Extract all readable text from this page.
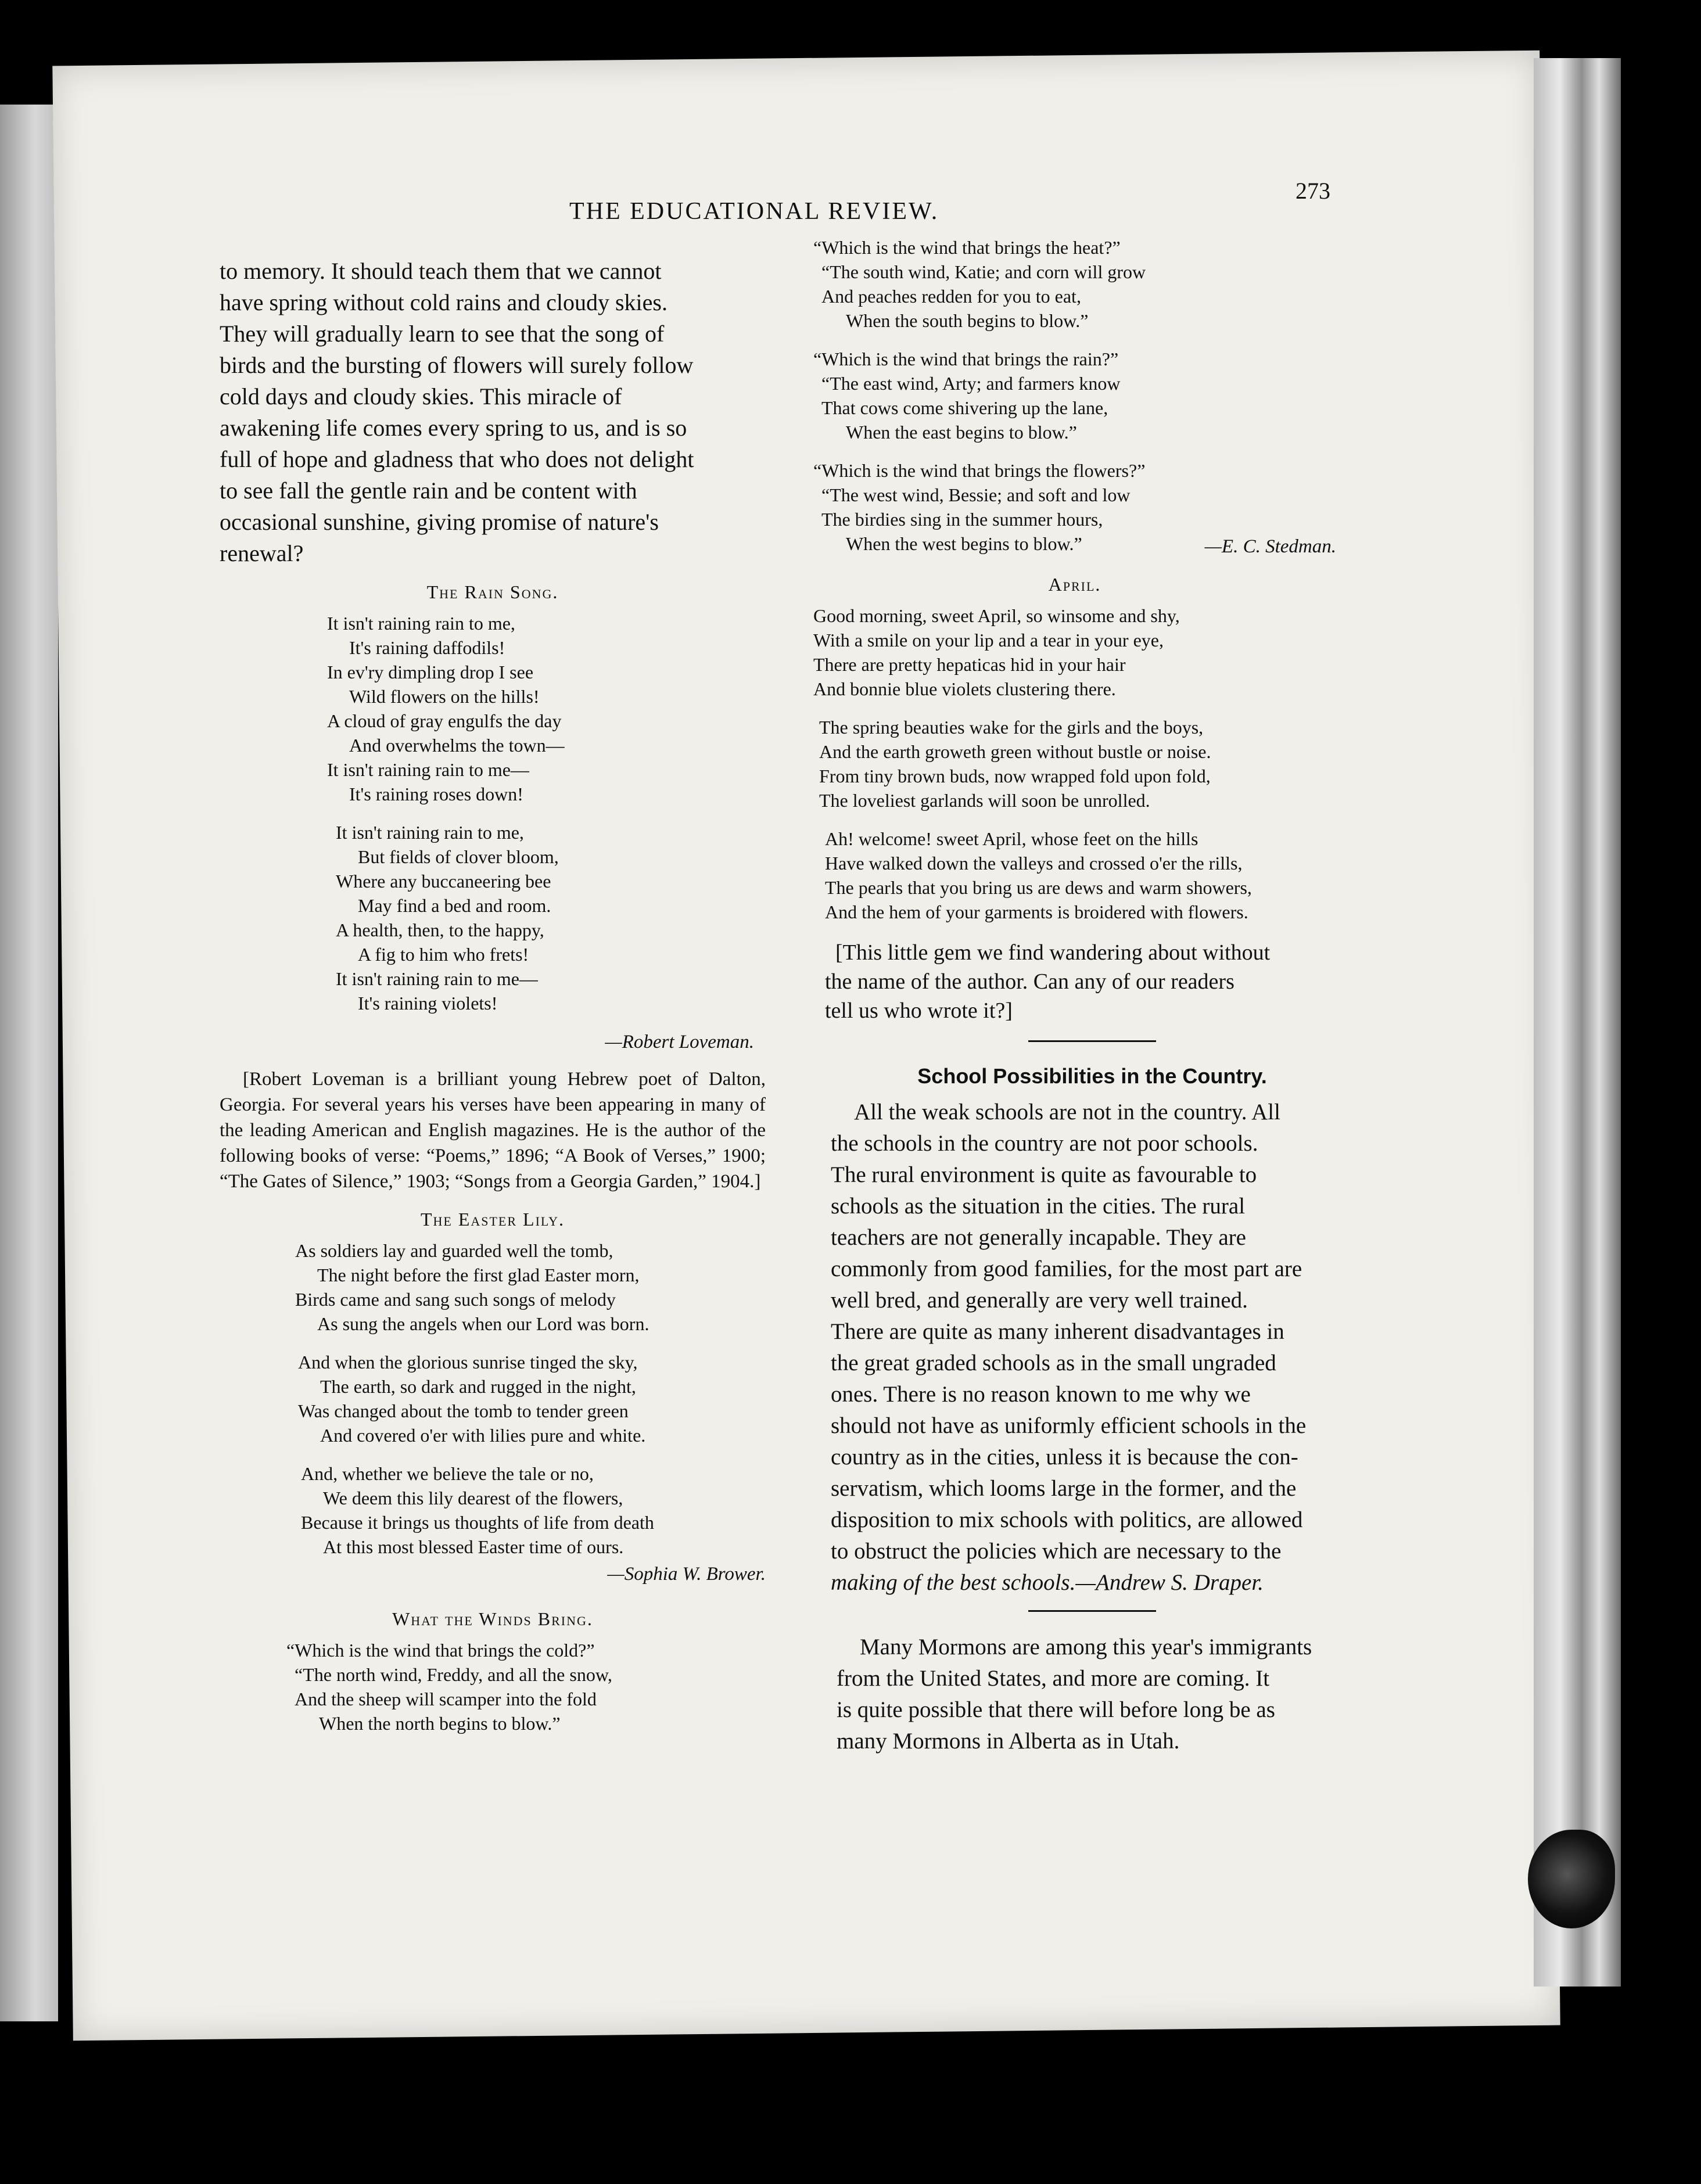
THE EDUCATIONAL REVIEW.
273
to memory. It should teach them that we cannot
have spring without cold rains and cloudy skies.
They will gradually learn to see that the song of
birds and the bursting of flowers will surely follow
cold days and cloudy skies. This miracle of
awakening life comes every spring to us, and is so
full of hope and gladness that who does not delight
to see fall the gentle rain and be content with
occasional sunshine, giving promise of nature's
renewal?
The Rain Song.
It isn't raining rain to me,
It's raining daffodils!
In ev'ry dimpling drop I see
Wild flowers on the hills!
A cloud of gray engulfs the day
And overwhelms the town—
It isn't raining rain to me—
It's raining roses down!
It isn't raining rain to me,
But fields of clover bloom,
Where any buccaneering bee
May find a bed and room.
A health, then, to the happy,
A fig to him who frets!
It isn't raining rain to me—
It's raining violets!
—Robert Loveman.
[Robert Loveman is a brilliant young Hebrew poet of Dalton, Georgia. For several years his verses have been appearing in many of the leading American and English magazines. He is the author of the following books of verse: “Poems,” 1896; “A Book of Verses,” 1900; “The Gates of Silence,” 1903; “Songs from a Georgia Garden,” 1904.]
The Easter Lily.
As soldiers lay and guarded well the tomb,
The night before the first glad Easter morn,
Birds came and sang such songs of melody
As sung the angels when our Lord was born.
And when the glorious sunrise tinged the sky,
The earth, so dark and rugged in the night,
Was changed about the tomb to tender green
And covered o'er with lilies pure and white.
And, whether we believe the tale or no,
We deem this lily dearest of the flowers,
Because it brings us thoughts of life from death
At this most blessed Easter time of ours.
—Sophia W. Brower.
What the Winds Bring.
“Which is the wind that brings the cold?”
“The north wind, Freddy, and all the snow,
And the sheep will scamper into the fold
When the north begins to blow.”
“Which is the wind that brings the heat?”
“The south wind, Katie; and corn will grow
And peaches redden for you to eat,
When the south begins to blow.”
“Which is the wind that brings the rain?”
“The east wind, Arty; and farmers know
That cows come shivering up the lane,
When the east begins to blow.”
“Which is the wind that brings the flowers?”
“The west wind, Bessie; and soft and low
The birdies sing in the summer hours,
When the west begins to blow.”	—E. C. Stedman.
April.
Good morning, sweet April, so winsome and shy,
With a smile on your lip and a tear in your eye,
There are pretty hepaticas hid in your hair
And bonnie blue violets clustering there.
The spring beauties wake for the girls and the boys,
And the earth groweth green without bustle or noise.
From tiny brown buds, now wrapped fold upon fold,
The loveliest garlands will soon be unrolled.
Ah! welcome! sweet April, whose feet on the hills
Have walked down the valleys and crossed o'er the rills,
The pearls that you bring us are dews and warm showers,
And the hem of your garments is broidered with flowers.
[This little gem we find wandering about without
the name of the author. Can any of our readers
tell us who wrote it?]
School Possibilities in the Country.
All the weak schools are not in the country. All
the schools in the country are not poor schools.
The rural environment is quite as favourable to
schools as the situation in the cities. The rural
teachers are not generally incapable. They are
commonly from good families, for the most part are
well bred, and generally are very well trained.
There are quite as many inherent disadvantages in
the great graded schools as in the small ungraded
ones. There is no reason known to me why we
should not have as uniformly efficient schools in the
country as in the cities, unless it is because the con-
servatism, which looms large in the former, and the
disposition to mix schools with politics, are allowed
to obstruct the policies which are necessary to the
making of the best schools.—Andrew S. Draper.
Many Mormons are among this year's immigrants
from the United States, and more are coming. It
is quite possible that there will before long be as
many Mormons in Alberta as in Utah.
